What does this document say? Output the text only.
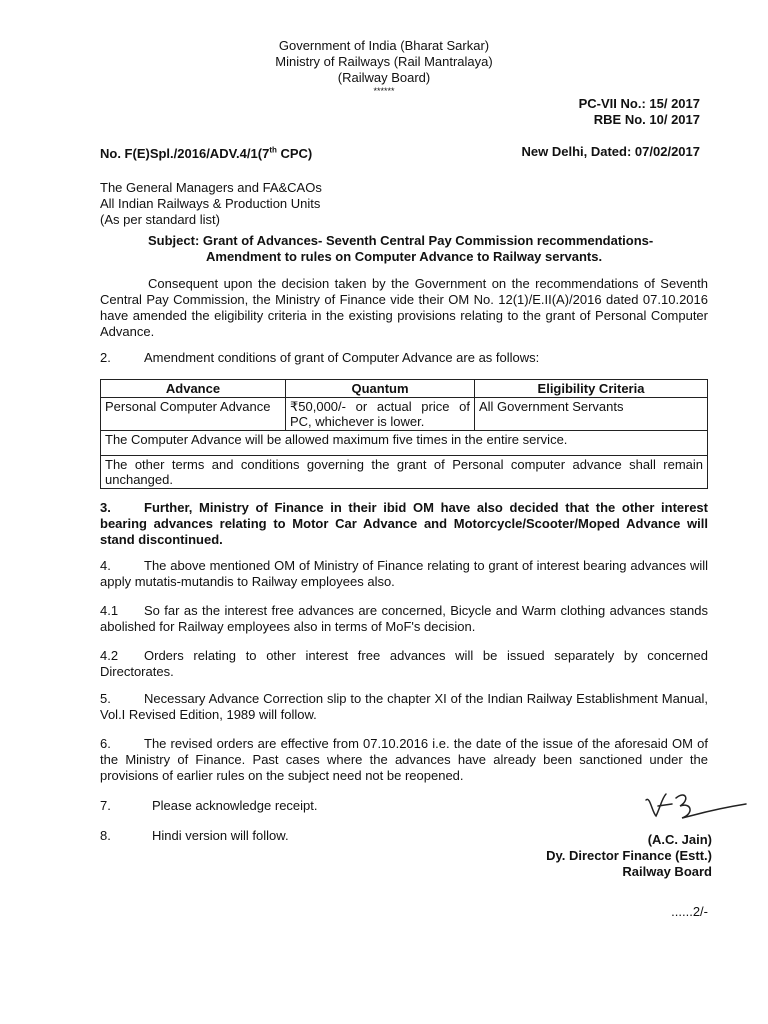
Government of India (Bharat Sarkar)
Ministry of Railways (Rail Mantralaya)
(Railway Board)
******
PC-VII No.: 15/ 2017
RBE No. 10/ 2017
No. F(E)Spl./2016/ADV.4/1(7th CPC)	New Delhi, Dated: 07/02/2017
The General Managers and FA&CAOs
All Indian Railways & Production Units
(As per standard list)
Subject: Grant of Advances- Seventh Central Pay Commission recommendations-
Amendment to rules on Computer Advance to Railway servants.
Consequent upon the decision taken by the Government on the recommendations of Seventh Central Pay Commission, the Ministry of Finance vide their OM No. 12(1)/E.II(A)/2016 dated 07.10.2016 have amended the eligibility criteria in the existing provisions relating to the grant of Personal Computer Advance.
2.	Amendment conditions of grant of Computer Advance are as follows:
Advance	Quantum	Eligibility Criteria
Personal Computer Advance	₹50,000/- or actual price of PC, whichever is lower.	All Government Servants
The Computer Advance will be allowed maximum five times in the entire service.		
The other terms and conditions governing the grant of Personal computer advance shall remain unchanged.		
3.	Further, Ministry of Finance in their ibid OM have also decided that the other interest bearing advances relating to Motor Car Advance and Motorcycle/Scooter/Moped Advance will stand discontinued.
4.	The above mentioned OM of Ministry of Finance relating to grant of interest bearing advances will apply mutatis-mutandis to Railway employees also.
4.1 So far as the interest free advances are concerned, Bicycle and Warm clothing advances stands abolished for Railway employees also in terms of MoF's decision.
4.2 Orders relating to other interest free advances will be issued separately by concerned Directorates.
5.	Necessary Advance Correction slip to the chapter XI of the Indian Railway Establishment Manual, Vol.I Revised Edition, 1989 will follow.
6.	The revised orders are effective from 07.10.2016 i.e. the date of the issue of the aforesaid OM of the Ministry of Finance. Past cases where the advances have already been sanctioned under the provisions of earlier rules on the subject need not be reopened.
7.	Please acknowledge receipt.
8.	Hindi version will follow.	(A.C. Jain)
Dy. Director Finance (Estt.)
Railway Board
......2/-
